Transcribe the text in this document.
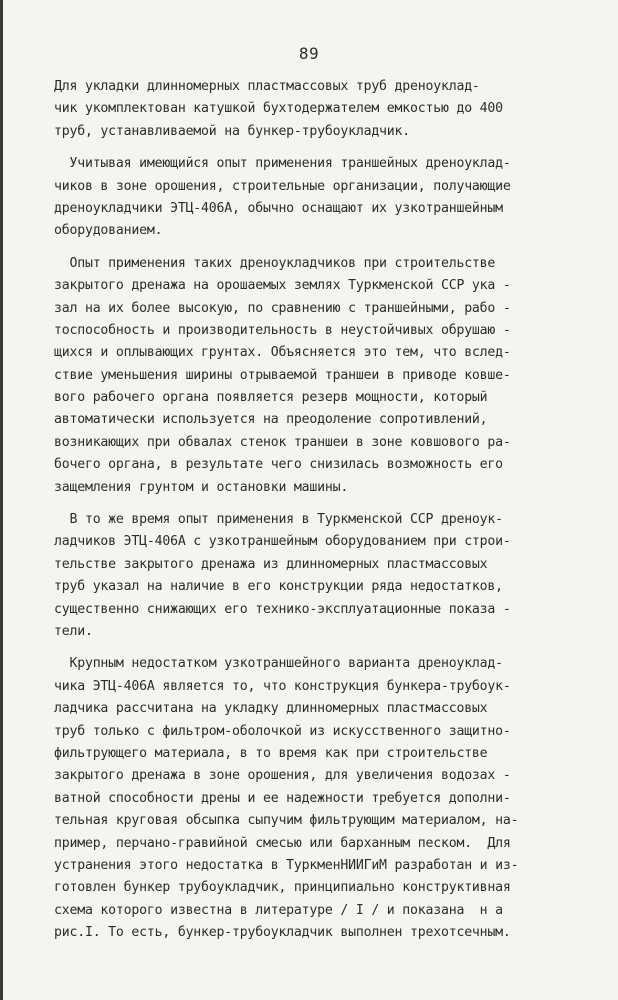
89

Для укладки длинномерных пластмассовых труб дреноуклад-
чик укомплектован катушкой бухтодержателем емкостью до 400
труб, устанавливаемой на бункер-трубоукладчик.

Учитывая имеющийся опыт применения траншейных дреноуклад-
чиков в зоне орошения, строительные организации, получающие
дреноукладчики ЭТЦ-406А, обычно оснащают их узкотраншейным
оборудованием.

Опыт применения таких дреноукладчиков при строительстве
закрытого дренажа на орошаемых землях Туркменской ССР ука -
зал на их более высокую, по сравнению с траншейными, рабо -
тоспособность и производительность в неустойчивых обрушаю -
щихся и оплывающих грунтах. Объясняется это тем, что вслед-
ствие уменьшения ширины отрываемой траншеи в приводе ковше-
вого рабочего органа появляется резерв мощности, который
автоматически используется на преодоление сопротивлений,
возникающих при обвалах стенок траншеи в зоне ковшового ра-
бочего органа, в результате чего снизилась возможность его
защемления грунтом и остановки машины.

В то же время опыт применения в Туркменской ССР дреноук-
ладчиков ЭТЦ-406А с узкотраншейным оборудованием при строи-
тельстве закрытого дренажа из длинномерных пластмассовых
труб указал на наличие в его конструкции ряда недостатков,
существенно снижающих его технико-эксплуатационные показа -
тели.

Крупным недостатком узкотраншейного варианта дреноуклад-
чика ЭТЦ-406А является то, что конструкция бункера-трубоук-
ладчика рассчитана на укладку длинномерных пластмассовых
труб только с фильтром-оболочкой из искусственного защитно-
фильтрующего материала, в то время как при строительстве
закрытого дренажа в зоне орошения, для увеличения водозах -
ватной способности дрены и ее надежности требуется дополни-
тельная круговая обсыпка сыпучим фильтрующим материалом, на-
пример, перчано-гравийной смесью или барханным песком.  Для
устранения этого недостатка в ТуркменНИИГиМ разработан и из-
готовлен бункер трубоукладчик, принципиально конструктивная
схема которого известна в литературе / I / и показана  н а
рис.I. То есть, бункер-трубоукладчик выполнен трехотсечным.
